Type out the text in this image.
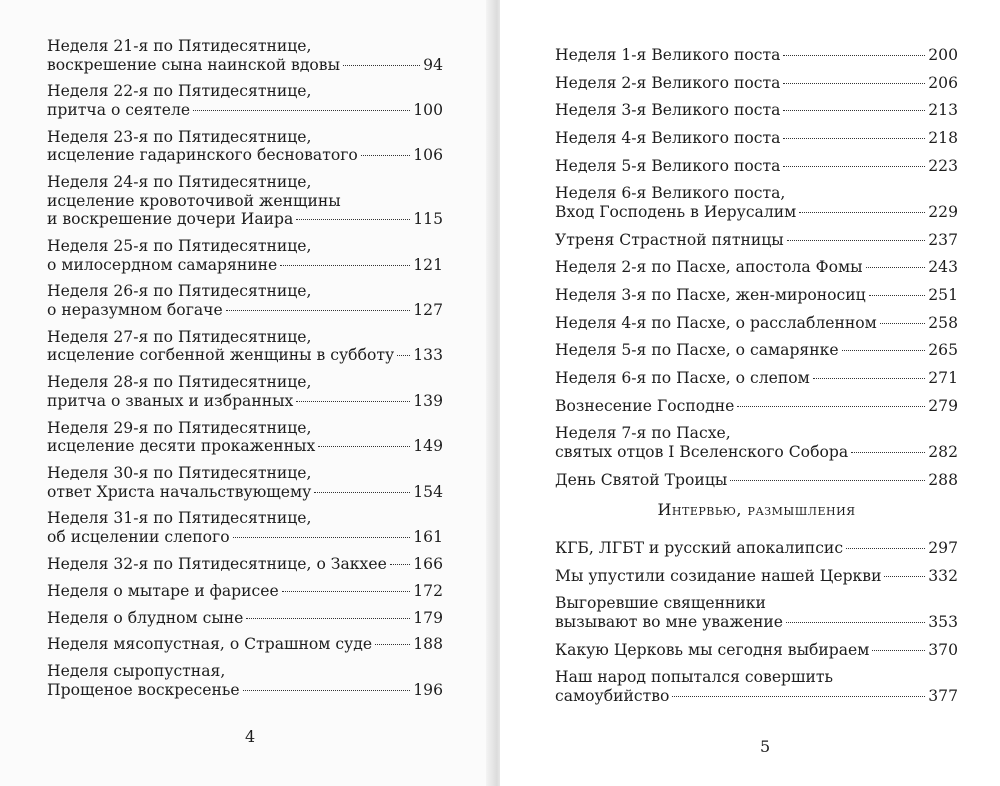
Неделя 21-я по Пятидесятнице,
воскрешение сына наинской вдовы	94
Неделя 22-я по Пятидесятнице,
притча о сеятеле	100
Неделя 23-я по Пятидесятнице,
исцеление гадаринского бесноватого	106
Неделя 24-я по Пятидесятнице,
исцеление кровоточивой женщины
и воскрешение дочери Иаира	115
Неделя 25-я по Пятидесятнице,
о милосердном самарянине	121
Неделя 26-я по Пятидесятнице,
о неразумном богаче	127
Неделя 27-я по Пятидесятнице,
исцеление согбенной женщины в субботу 133
Неделя 28-я по Пятидесятнице,
притча о званых и избранных	139
Неделя 29-я по Пятидесятнице,
исцеление десяти прокаженных	149
Неделя 30-я по Пятидесятнице,
ответ Христа начальствующему	154
Неделя 31-я по Пятидесятнице,
об исцелении слепого	161
Неделя 32-я по Пятидесятнице, о Закхее 166
Неделя о мытаре и фарисее	172
Неделя о блудном сыне	179
Неделя мясопустная, о Страшном суде	188
Неделя сыропустная,
Прощеное воскресенье	196
4
Неделя 1-я Великого поста	200
Неделя 2-я Великого поста	206
Неделя 3-я Великого поста	213
Неделя 4-я Великого поста	218
Неделя 5-я Великого поста	223
Неделя 6-я Великого поста,
Вход Господень в Иерусалим	229
Утреня Страстной пятницы	237
Неделя 2-я по Пасхе, апостола Фомы	243
Неделя 3-я по Пасхе, жен-мироносиц	251
Неделя 4-я по Пасхе, о расслабленном	258
Неделя 5-я по Пасхе, о самарянке	265
Неделя 6-я по Пасхе, о слепом	271
Вознесение Господне	279
Неделя 7-я по Пасхе,
святых отцов I Вселенского Собора	282
День Святой Троицы	288
Интервью, размышления
КГБ, ЛГБТ и русский апокалипсис	297
Мы упустили созидание нашей Церкви	332
Выгоревшие священники
вызывают во мне уважение	353
Какую Церковь мы сегодня выбираем	370
Наш народ попытался совершить
самоубийство	377
5
